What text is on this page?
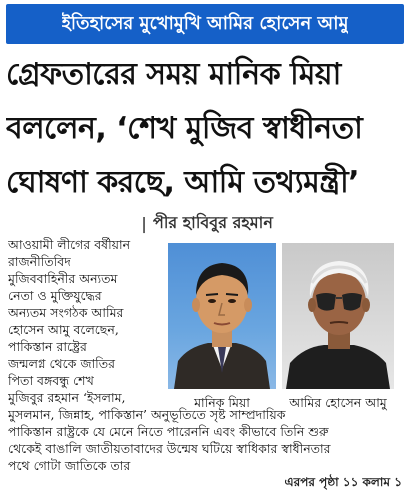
ইতিহাসের মুখোমুখি আমির হোসেন আমু
গ্রেফতারের সময় মানিক মিয়া
বললেন, ‘শেখ মুজিব স্বাধীনতা
ঘোষণা করছে, আমি তথ্যমন্ত্রী’
| পীর হাবিবুর রহমান
আওয়ামী লীগের বর্ষীয়ান
রাজনীতিবিদ
মুজিববাহিনীর অন্যতম
নেতা ও মুক্তিযুদ্ধের
অন্যতম সংগঠক আমির
হোসেন আমু বলেছেন,
পাকিস্তান রাষ্ট্রের
জন্মলগ্ন থেকে জাতির
পিতা বঙ্গবন্ধু শেখ
মুজিবুর রহমান ‘ইসলাম,
মুসলমান, জিন্নাহ, পাকিস্তান’ অনুভূতিতে সৃষ্ট সাম্প্রদায়িক
পাকিস্তান রাষ্ট্রকে যে মেনে নিতে পারেননি এবং কীভাবে তিনি শুরু
থেকেই বাঙালি জাতীয়তাবাদের উন্মেষ ঘটিয়ে স্বাধিকার স্বাধীনতার
পথে গোটা জাতিকে তার
মানিক মিয়া	আমির হোসেন আমু
এরপর পৃষ্ঠা ১১ কলাম ১
